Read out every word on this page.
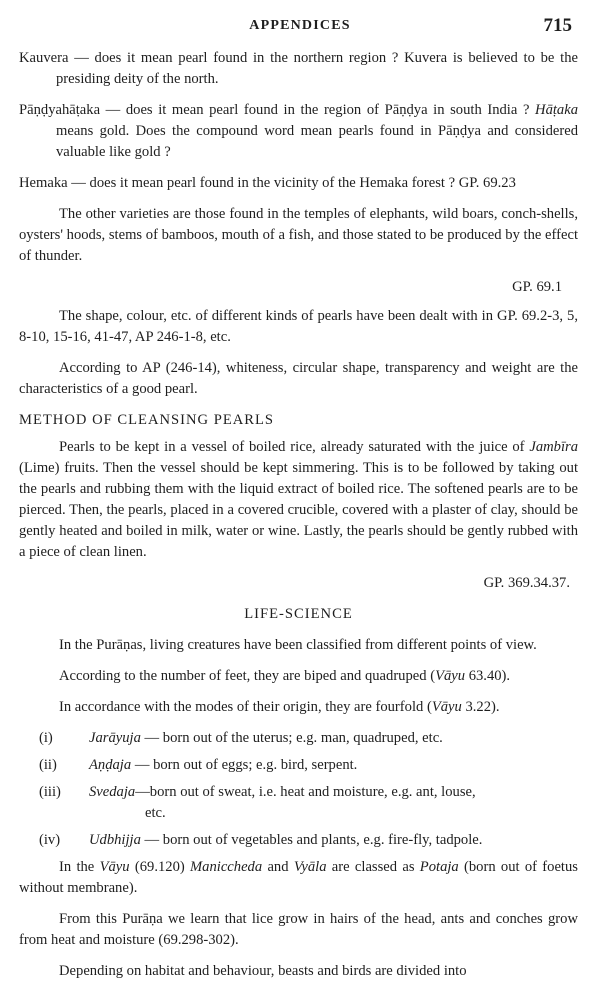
APPENDICES	715

Kauvera — does it mean pearl found in the northern region ? Kuvera is believed to be the presiding deity of the north.

Pāṇḍyahāṭaka — does it mean pearl found in the region of Pāṇḍya in south India ? Hāṭaka means gold. Does the compound word mean pearls found in Pāṇḍya and considered valuable like gold ?

Hemaka — does it mean pearl found in the vicinity of the Hemaka forest ? GP. 69.23

The other varieties are those found in the temples of elephants, wild boars, conch-shells, oysters' hoods, stems of bamboos, mouth of a fish, and those stated to be produced by the effect of thunder.

GP. 69.1

The shape, colour, etc. of different kinds of pearls have been dealt with in GP. 69.2-3, 5, 8-10, 15-16, 41-47, AP 246-1-8, etc.

According to AP (246-14), whiteness, circular shape, transparency and weight are the characteristics of a good pearl.

METHOD OF CLEANSING PEARLS

Pearls to be kept in a vessel of boiled rice, already saturated with the juice of Jambīra (Lime) fruits. Then the vessel should be kept simmering. This is to be followed by taking out the pearls and rubbing them with the liquid extract of boiled rice. The softened pearls are to be pierced. Then, the pearls, placed in a covered crucible, covered with a plaster of clay, should be gently heated and boiled in milk, water or wine. Lastly, the pearls should be gently rubbed with a piece of clean linen.

GP. 369.34.37.

LIFE-SCIENCE

In the Purāṇas, living creatures have been classified from different points of view.

According to the number of feet, they are biped and quadruped (Vāyu 63.40).

In accordance with the modes of their origin, they are fourfold (Vāyu 3.22).

(i)	Jarāyuja — born out of the uterus; e.g. man, quadruped, etc.
(ii)	Aṇḍaja — born out of eggs; e.g. bird, serpent.
(iii)	Svedaja—born out of sweat, i.e. heat and moisture, e.g. ant, louse,
etc.
(iv)	Udbhijja — born out of vegetables and plants, e.g. fire-fly, tadpole.

In the Vāyu (69.120) Maniccheda and Vyāla are classed as Potaja (born out of foetus without membrane).

From this Purāṇa we learn that lice grow in hairs of the head, ants and conches grow from heat and moisture (69.298-302).

Depending on habitat and behaviour, beasts and birds are divided into
